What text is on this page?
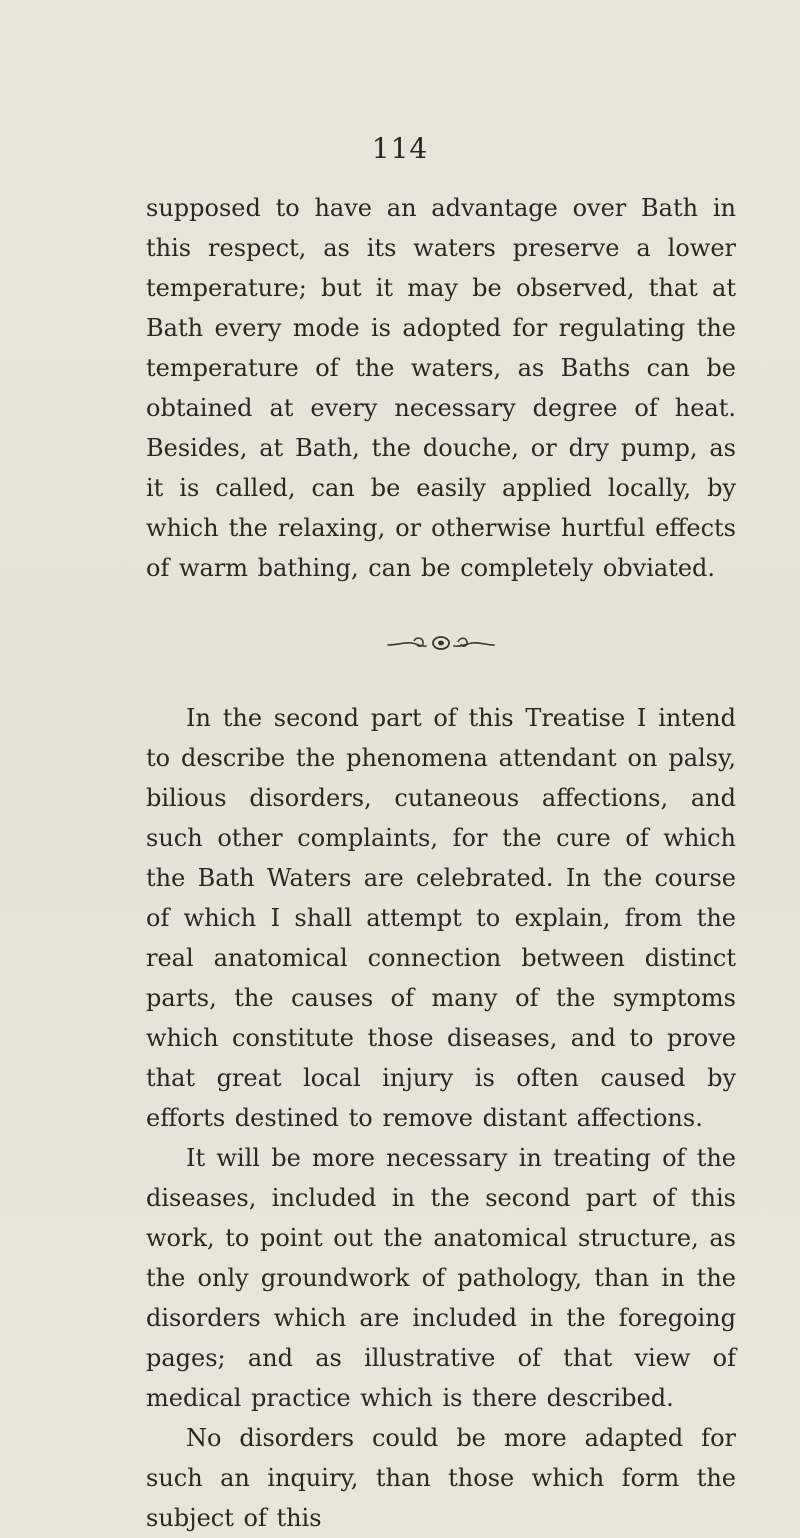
114

supposed to have an advantage over Bath in this respect, as its waters preserve a lower temperature; but it may be observed, that at Bath every mode is adopted for regulating the temperature of the waters, as Baths can be obtained at every necessary degree of heat. Besides, at Bath, the douche, or dry pump, as it is called, can be easily applied locally, by which the relaxing, or otherwise hurtful effects of warm bathing, can be completely obviated.

In the second part of this Treatise I intend to describe the phenomena attendant on palsy, bilious disorders, cutaneous affections, and such other complaints, for the cure of which the Bath Waters are celebrated. In the course of which I shall attempt to explain, from the real anatomical connection between distinct parts, the causes of many of the symptoms which constitute those diseases, and to prove that great local injury is often caused by efforts destined to remove distant affections.

It will be more necessary in treating of the diseases, included in the second part of this work, to point out the anatomical structure, as the only groundwork of pathology, than in the disorders which are included in the foregoing pages; and as illustrative of that view of medical practice which is there described.

No disorders could be more adapted for such an inquiry, than those which form the subject of this
